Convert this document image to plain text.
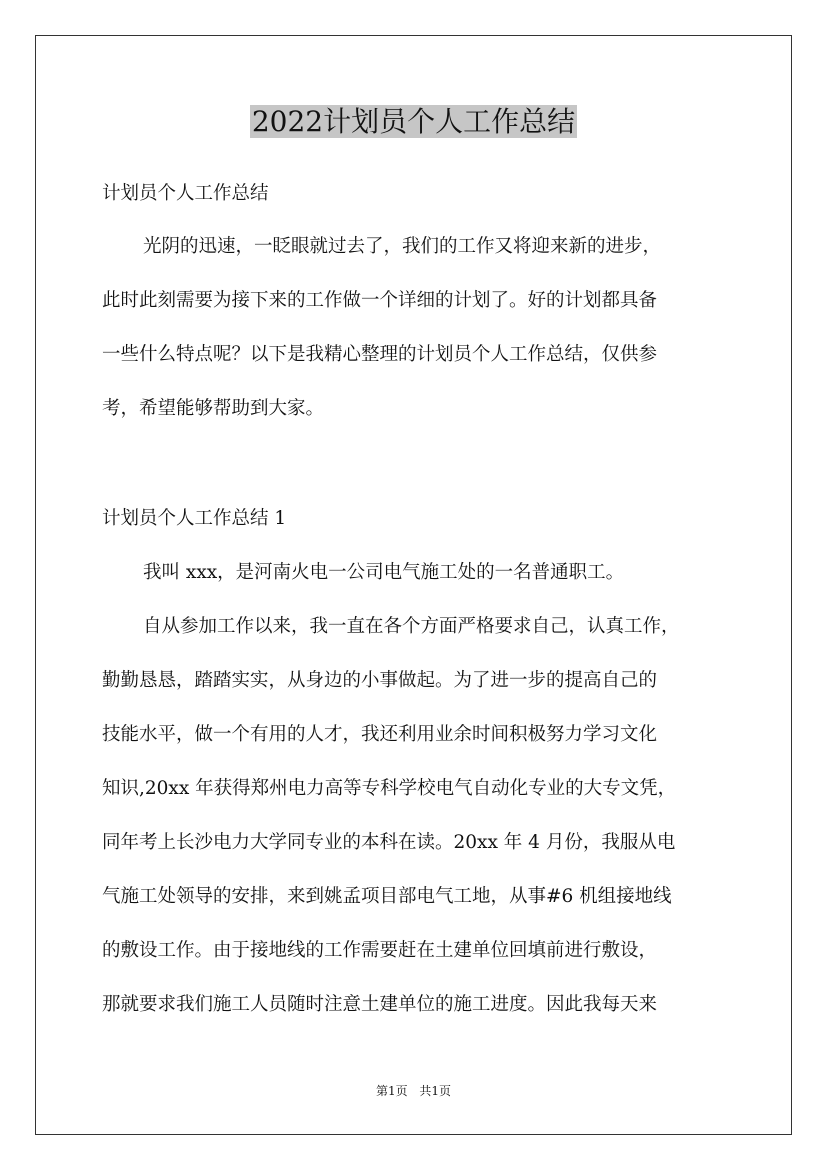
2022计划员个人工作总结

计划员个人工作总结

光阴的迅速，一眨眼就过去了，我们的工作又将迎来新的进步，

此时此刻需要为接下来的工作做一个详细的计划了。好的计划都具备

一些什么特点呢？以下是我精心整理的计划员个人工作总结，仅供参

考，希望能够帮助到大家。

计划员个人工作总结 1

我叫 xxx，是河南火电一公司电气施工处的一名普通职工。

自从参加工作以来，我一直在各个方面严格要求自己，认真工作，

勤勤恳恳，踏踏实实，从身边的小事做起。为了进一步的提高自己的

技能水平，做一个有用的人才，我还利用业余时间积极努力学习文化

知识,20xx 年获得郑州电力高等专科学校电气自动化专业的大专文凭，

同年考上长沙电力大学同专业的本科在读。20xx 年 4 月份，我服从电

气施工处领导的安排，来到姚孟项目部电气工地，从事#6 机组接地线

的敷设工作。由于接地线的工作需要赶在土建单位回填前进行敷设，

那就要求我们施工人员随时注意土建单位的施工进度。因此我每天来

第1页 共1页
